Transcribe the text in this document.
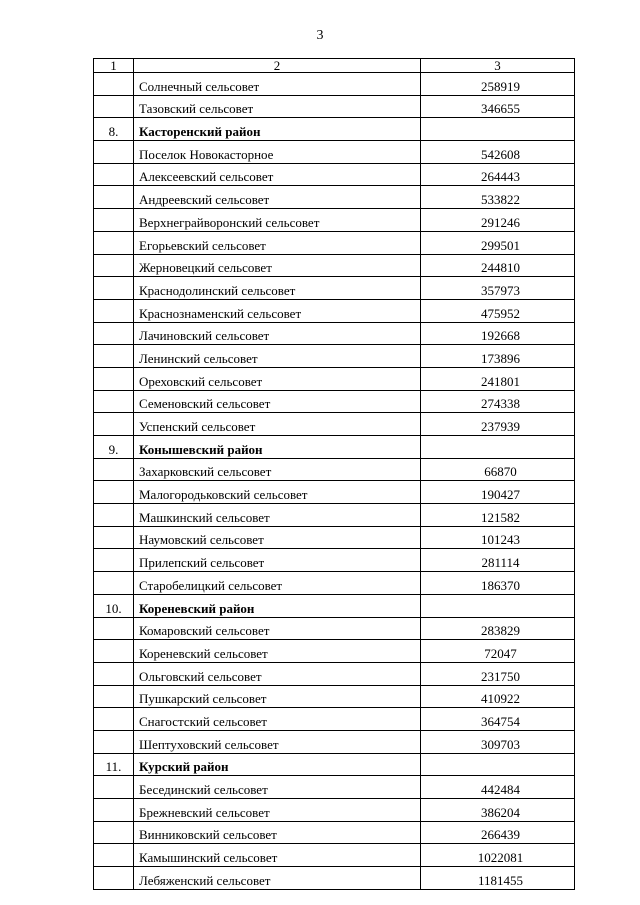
3
1	2	3
	Солнечный сельсовет	258919
	Тазовский сельсовет	346655
8.	Касторенский район	
	Поселок Новокасторное	542608
	Алексеевский сельсовет	264443
	Андреевский сельсовет	533822
	Верхнеграйворонский сельсовет	291246
	Егорьевский сельсовет	299501
	Жерновецкий сельсовет	244810
	Краснодолинский сельсовет	357973
	Краснознаменский сельсовет	475952
	Лачиновский сельсовет	192668
	Ленинский сельсовет	173896
	Ореховский сельсовет	241801
	Семеновский сельсовет	274338
	Успенский сельсовет	237939
9.	Конышевский район	
	Захарковский сельсовет	66870
	Малогородьковский сельсовет	190427
	Машкинский сельсовет	121582
	Наумовский сельсовет	101243
	Прилепский сельсовет	281114
	Старобелицкий сельсовет	186370
10.	Кореневский район	
	Комаровский сельсовет	283829
	Кореневский сельсовет	72047
	Ольговский сельсовет	231750
	Пушкарский сельсовет	410922
	Снагостский сельсовет	364754
	Шептуховский сельсовет	309703
11.	Курский район	
	Бесединский сельсовет	442484
	Брежневский сельсовет	386204
	Винниковский сельсовет	266439
	Камышинский сельсовет	1022081
	Лебяженский сельсовет	1181455
